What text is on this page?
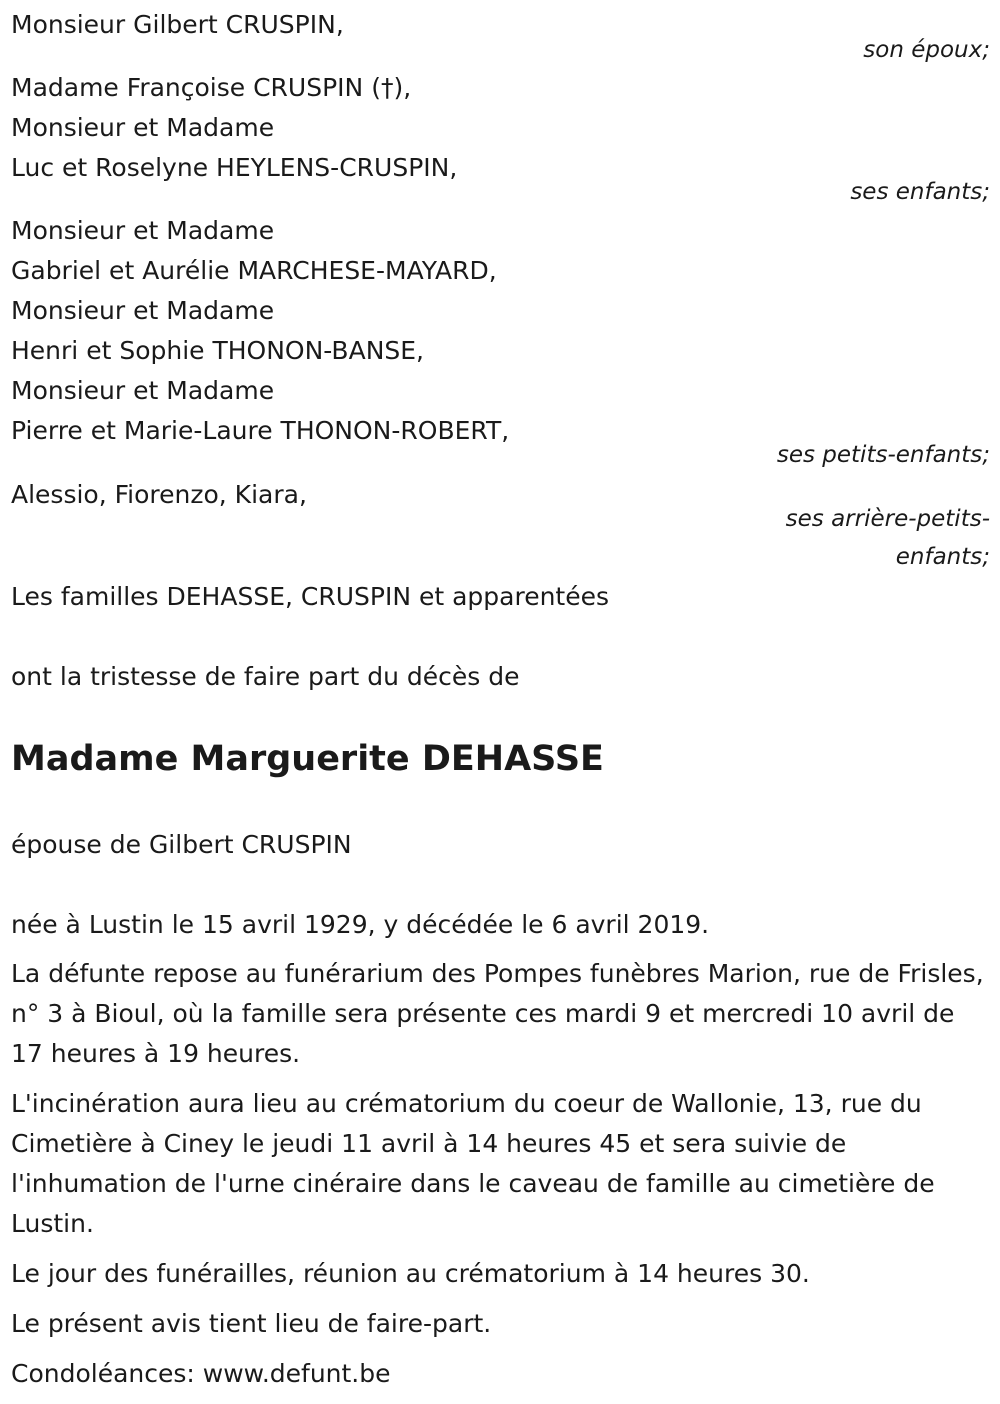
Monsieur Gilbert CRUSPIN,
son époux;
Madame Françoise CRUSPIN (†),
Monsieur et Madame
Luc et Roselyne HEYLENS-CRUSPIN,
ses enfants;
Monsieur et Madame
Gabriel et Aurélie MARCHESE-MAYARD,
Monsieur et Madame
Henri et Sophie THONON-BANSE,
Monsieur et Madame
Pierre et Marie-Laure THONON-ROBERT,
ses petits-enfants;
Alessio, Fiorenzo, Kiara,
ses arrière-petits-
enfants;
Les familles DEHASSE, CRUSPIN et apparentées
ont la tristesse de faire part du décès de
Madame Marguerite DEHASSE
épouse de Gilbert CRUSPIN
née à Lustin le 15 avril 1929, y décédée le 6 avril 2019.
La défunte repose au funérarium des Pompes funèbres Marion, rue de Frisles, n° 3 à Bioul, où la famille sera présente ces mardi 9 et mercredi 10 avril de 17 heures à 19 heures.
L'incinération aura lieu au crématorium du coeur de Wallonie, 13, rue du Cimetière à Ciney le jeudi 11 avril à 14 heures 45 et sera suivie de l'inhumation de l'urne cinéraire dans le caveau de famille au cimetière de Lustin.
Le jour des funérailles, réunion au crématorium à 14 heures 30.
Le présent avis tient lieu de faire-part.
Condoléances: www.defunt.be
